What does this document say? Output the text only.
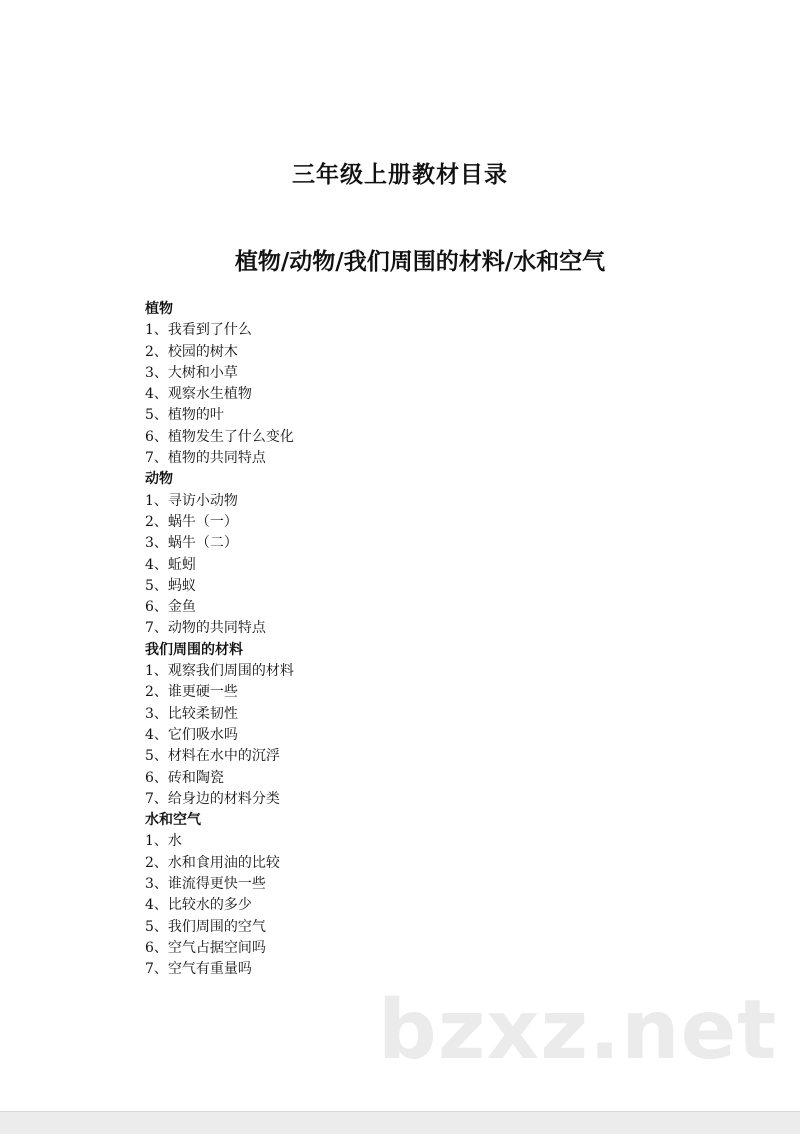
三年级上册教材目录
植物/动物/我们周围的材料/水和空气
植物
1、我看到了什么
2、校园的树木
3、大树和小草
4、观察水生植物
5、植物的叶
6、植物发生了什么变化
7、植物的共同特点
动物
1、寻访小动物
2、蜗牛（一）
3、蜗牛（二）
4、蚯蚓
5、蚂蚁
6、金鱼
7、动物的共同特点
我们周围的材料
1、观察我们周围的材料
2、谁更硬一些
3、比较柔韧性
4、它们吸水吗
5、材料在水中的沉浮
6、砖和陶瓷
7、给身边的材料分类
水和空气
1、水
2、水和食用油的比较
3、谁流得更快一些
4、比较水的多少
5、我们周围的空气
6、空气占据空间吗
7、空气有重量吗
bzxz.net
